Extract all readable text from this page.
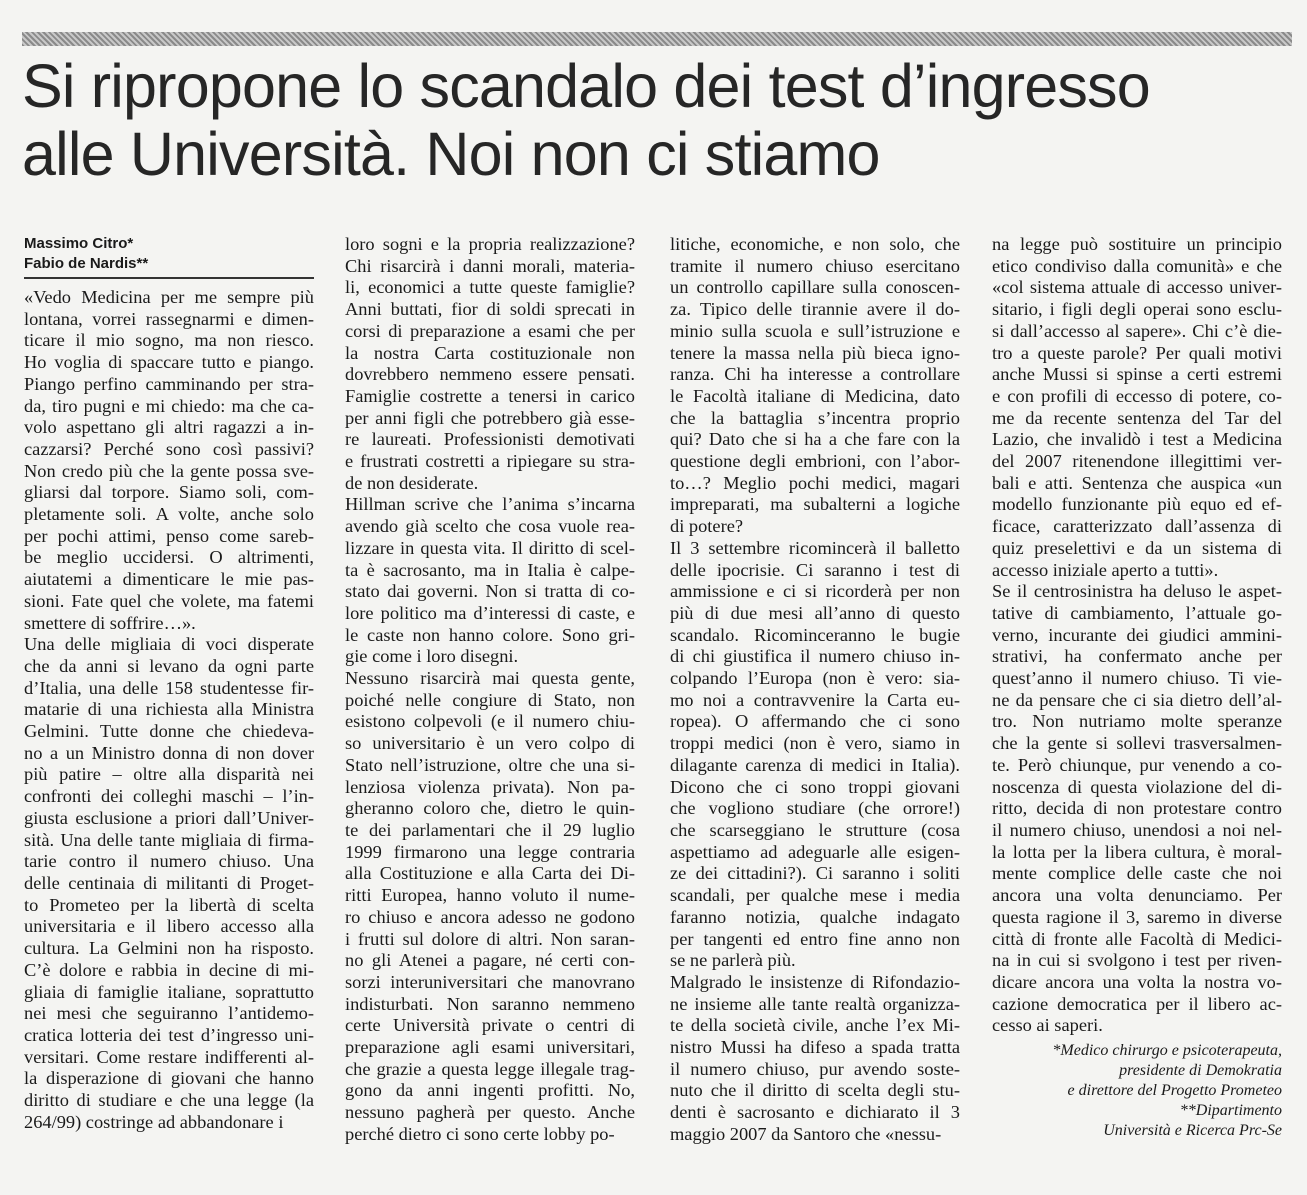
Si ripropone lo scandalo dei test d’ingresso
alle Università. Noi non ci stiamo
Massimo Citro*
Fabio de Nardis**

«Vedo Medicina per me sempre più

lontana, vorrei rassegnarmi e dimen-

ticare il mio sogno, ma non riesco.

Ho voglia di spaccare tutto e piango.

Piango perfino camminando per stra-

da, tiro pugni e mi chiedo: ma che ca-

volo aspettano gli altri ragazzi a in-

cazzarsi? Perché sono così passivi?

Non credo più che la gente possa sve-

gliarsi dal torpore. Siamo soli, com-

pletamente soli. A volte, anche solo

per pochi attimi, penso come sareb-

be meglio uccidersi. O altrimenti,

aiutatemi a dimenticare le mie pas-

sioni. Fate quel che volete, ma fatemi

smettere di soffrire…».

Una delle migliaia di voci disperate

che da anni si levano da ogni parte

d’Italia, una delle 158 studentesse fir-

matarie di una richiesta alla Ministra

Gelmini. Tutte donne che chiedeva-

no a un Ministro donna di non dover

più patire – oltre alla disparità nei

confronti dei colleghi maschi – l’in-

giusta esclusione a priori dall’Univer-

sità. Una delle tante migliaia di firma-

tarie contro il numero chiuso. Una

delle centinaia di militanti di Proget-

to Prometeo per la libertà di scelta

universitaria e il libero accesso alla

cultura. La Gelmini non ha risposto.

C’è dolore e rabbia in decine di mi-

gliaia di famiglie italiane, soprattutto

nei mesi che seguiranno l’antidemo-

cratica lotteria dei test d’ingresso uni-

versitari. Come restare indifferenti al-

la disperazione di giovani che hanno

diritto di studiare e che una legge (la

264/99) costringe ad abbandonare i

loro sogni e la propria realizzazione?

Chi risarcirà i danni morali, materia-

li, economici a tutte queste famiglie?

Anni buttati, fior di soldi sprecati in

corsi di preparazione a esami che per

la nostra Carta costituzionale non

dovrebbero nemmeno essere pensati.

Famiglie costrette a tenersi in carico

per anni figli che potrebbero già esse-

re laureati. Professionisti demotivati

e frustrati costretti a ripiegare su stra-

de non desiderate.

Hillman scrive che l’anima s’incarna

avendo già scelto che cosa vuole rea-

lizzare in questa vita. Il diritto di scel-

ta è sacrosanto, ma in Italia è calpe-

stato dai governi. Non si tratta di co-

lore politico ma d’interessi di caste, e

le caste non hanno colore. Sono gri-

gie come i loro disegni.

Nessuno risarcirà mai questa gente,

poiché nelle congiure di Stato, non

esistono colpevoli (e il numero chiu-

so universitario è un vero colpo di

Stato nell’istruzione, oltre che una si-

lenziosa violenza privata). Non pa-

gheranno coloro che, dietro le quin-

te dei parlamentari che il 29 luglio

1999 firmarono una legge contraria

alla Costituzione e alla Carta dei Di-

ritti Europea, hanno voluto il nume-

ro chiuso e ancora adesso ne godono

i frutti sul dolore di altri. Non saran-

no gli Atenei a pagare, né certi con-

sorzi interuniversitari che manovrano

indisturbati. Non saranno nemmeno

certe Università private o centri di

preparazione agli esami universitari,

che grazie a questa legge illegale trag-

gono da anni ingenti profitti. No,

nessuno pagherà per questo. Anche

perché dietro ci sono certe lobby po-

litiche, economiche, e non solo, che

tramite il numero chiuso esercitano

un controllo capillare sulla conoscen-

za. Tipico delle tirannie avere il do-

minio sulla scuola e sull’istruzione e

tenere la massa nella più bieca igno-

ranza. Chi ha interesse a controllare

le Facoltà italiane di Medicina, dato

che la battaglia s’incentra proprio

qui? Dato che si ha a che fare con la

questione degli embrioni, con l’abor-

to…? Meglio pochi medici, magari

impreparati, ma subalterni a logiche

di potere?

Il 3 settembre ricomincerà il balletto

delle ipocrisie. Ci saranno i test di

ammissione e ci si ricorderà per non

più di due mesi all’anno di questo

scandalo. Ricominceranno le bugie

di chi giustifica il numero chiuso in-

colpando l’Europa (non è vero: sia-

mo noi a contravvenire la Carta eu-

ropea). O affermando che ci sono

troppi medici (non è vero, siamo in

dilagante carenza di medici in Italia).

Dicono che ci sono troppi giovani

che vogliono studiare (che orrore!)

che scarseggiano le strutture (cosa

aspettiamo ad adeguarle alle esigen-

ze dei cittadini?). Ci saranno i soliti

scandali, per qualche mese i media

faranno notizia, qualche indagato

per tangenti ed entro fine anno non

se ne parlerà più.

Malgrado le insistenze di Rifondazio-

ne insieme alle tante realtà organizza-

te della società civile, anche l’ex Mi-

nistro Mussi ha difeso a spada tratta

il numero chiuso, pur avendo soste-

nuto che il diritto di scelta degli stu-

denti è sacrosanto e dichiarato il 3

maggio 2007 da Santoro che «nessu-

na legge può sostituire un principio

etico condiviso dalla comunità» e che

«col sistema attuale di accesso univer-

sitario, i figli degli operai sono esclu-

si dall’accesso al sapere». Chi c’è die-

tro a queste parole? Per quali motivi

anche Mussi si spinse a certi estremi

e con profili di eccesso di potere, co-

me da recente sentenza del Tar del

Lazio, che invalidò i test a Medicina

del 2007 ritenendone illegittimi ver-

bali e atti. Sentenza che auspica «un

modello funzionante più equo ed ef-

ficace, caratterizzato dall’assenza di

quiz preselettivi e da un sistema di

accesso iniziale aperto a tutti».

Se il centrosinistra ha deluso le aspet-

tative di cambiamento, l’attuale go-

verno, incurante dei giudici ammini-

strativi, ha confermato anche per

quest’anno il numero chiuso. Ti vie-

ne da pensare che ci sia dietro dell’al-

tro. Non nutriamo molte speranze

che la gente si sollevi trasversalmen-

te. Però chiunque, pur venendo a co-

noscenza di questa violazione del di-

ritto, decida di non protestare contro

il numero chiuso, unendosi a noi nel-

la lotta per la libera cultura, è moral-

mente complice delle caste che noi

ancora una volta denunciamo. Per

questa ragione il 3, saremo in diverse

città di fronte alle Facoltà di Medici-

na in cui si svolgono i test per riven-

dicare ancora una volta la nostra vo-

cazione democratica per il libero ac-

cesso ai saperi.

*Medico chirurgo e psicoterapeuta,
presidente di Demokratia
e direttore del Progetto Prometeo
**Dipartimento
Università e Ricerca Prc-Se
